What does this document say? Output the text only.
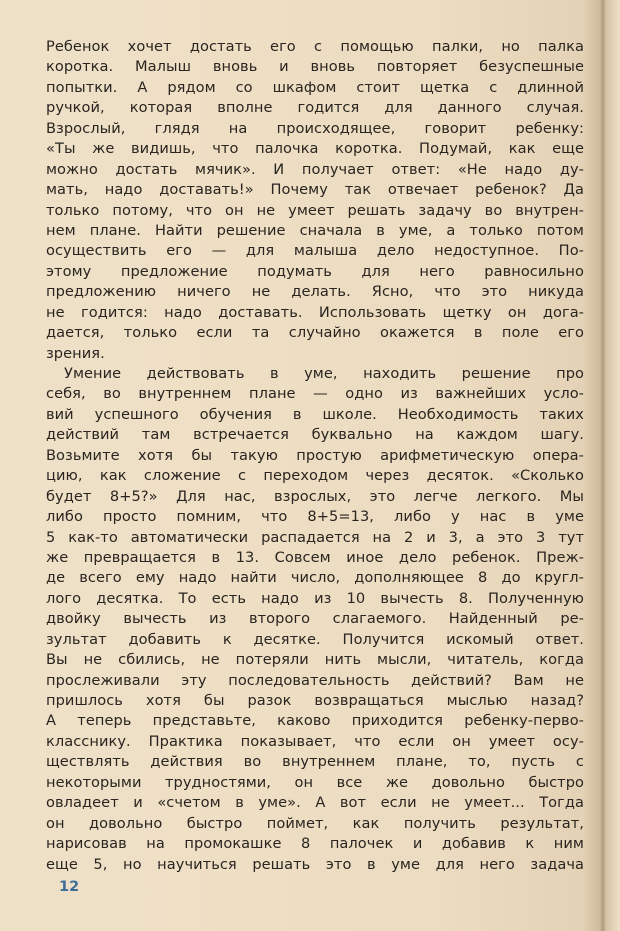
Ребенок хочет достать его с помощью палки, но палка
коротка. Малыш вновь и вновь повторяет безуспешные
попытки. А рядом со шкафом стоит щетка с длинной
ручкой, которая вполне годится для данного случая.
Взрослый, глядя на происходящее, говорит ребенку:
«Ты же видишь, что палочка коротка. Подумай, как еще
можно достать мячик». И получает ответ: «Не надо ду-
мать, надо доставать!» Почему так отвечает ребенок? Да
только потому, что он не умеет решать задачу во внутрен-
нем плане. Найти решение сначала в уме, а только потом
осуществить его — для малыша дело недоступное. По-
этому предложение подумать для него равносильно
предложению ничего не делать. Ясно, что это никуда
не годится: надо доставать. Использовать щетку он дога-
дается, только если та случайно окажется в поле его
зрения.
Умение действовать в уме, находить решение про
себя, во внутреннем плане — одно из важнейших усло-
вий успешного обучения в школе. Необходимость таких
действий там встречается буквально на каждом шагу.
Возьмите хотя бы такую простую арифметическую опера-
цию, как сложение с переходом через десяток. «Сколько
будет 8+5?» Для нас, взрослых, это легче легкого. Мы
либо просто помним, что 8+5=13, либо у нас в уме
5 как-то автоматически распадается на 2 и 3, а это 3 тут
же превращается в 13. Совсем иное дело ребенок. Преж-
де всего ему надо найти число, дополняющее 8 до кругл-
лого десятка. То есть надо из 10 вычесть 8. Полученную
двойку вычесть из второго слагаемого. Найденный ре-
зультат добавить к десятке. Получится искомый ответ.
Вы не сбились, не потеряли нить мысли, читатель, когда
прослеживали эту последовательность действий? Вам не
пришлось хотя бы разок возвращаться мыслью назад?
А теперь представьте, каково приходится ребенку-перво-
класснику. Практика показывает, что если он умеет осу-
ществлять действия во внутреннем плане, то, пусть с
некоторыми трудностями, он все же довольно быстро
овладеет и «счетом в уме». А вот если не умеет... Тогда
он довольно быстро поймет, как получить результат,
нарисовав на промокашке 8 палочек и добавив к ним
еще 5, но научиться решать это в уме для него задача
12
